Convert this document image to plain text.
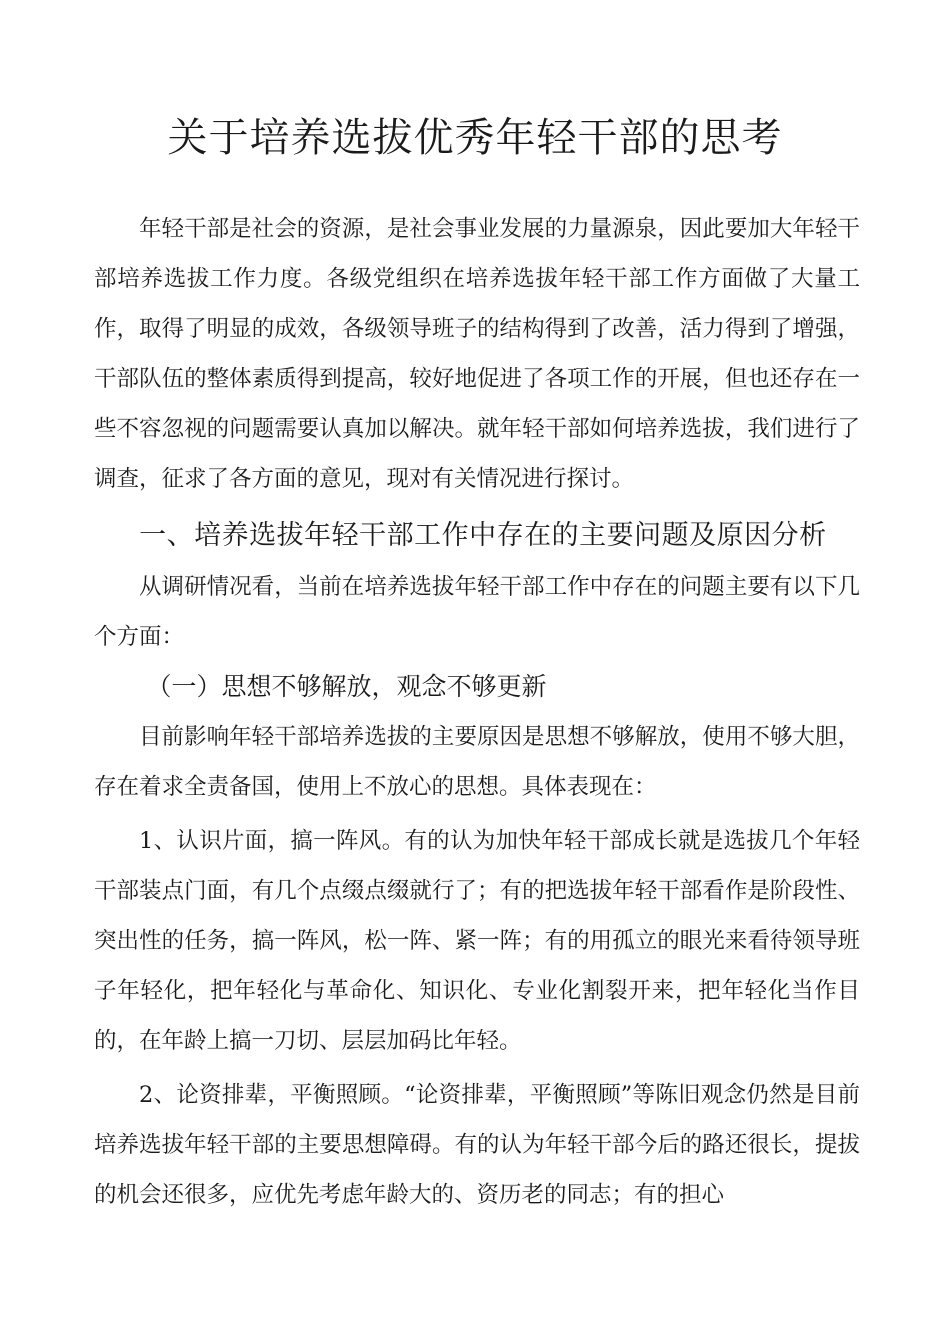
关于培养选拔优秀年轻干部的思考

年轻干部是社会的资源，是社会事业发展的力量源泉，因此要加大年轻干部培养选拔工作力度。各级党组织在培养选拔年轻干部工作方面做了大量工作，取得了明显的成效，各级领导班子的结构得到了改善，活力得到了增强，干部队伍的整体素质得到提高，较好地促进了各项工作的开展，但也还存在一些不容忽视的问题需要认真加以解决。就年轻干部如何培养选拔，我们进行了调查，征求了各方面的意见，现对有关情况进行探讨。

一、培养选拔年轻干部工作中存在的主要问题及原因分析

从调研情况看，当前在培养选拔年轻干部工作中存在的问题主要有以下几个方面：

（一）思想不够解放，观念不够更新

目前影响年轻干部培养选拔的主要原因是思想不够解放，使用不够大胆，存在着求全责备国，使用上不放心的思想。具体表现在：

1、认识片面，搞一阵风。有的认为加快年轻干部成长就是选拔几个年轻干部装点门面，有几个点缀点缀就行了；有的把选拔年轻干部看作是阶段性、突出性的任务，搞一阵风，松一阵、紧一阵；有的用孤立的眼光来看待领导班子年轻化，把年轻化与革命化、知识化、专业化割裂开来，把年轻化当作目的，在年龄上搞一刀切、层层加码比年轻。

2、论资排辈，平衡照顾。“论资排辈，平衡照顾”等陈旧观念仍然是目前培养选拔年轻干部的主要思想障碍。有的认为年轻干部今后的路还很长，提拔的机会还很多，应优先考虑年龄大的、资历老的同志；有的担心
